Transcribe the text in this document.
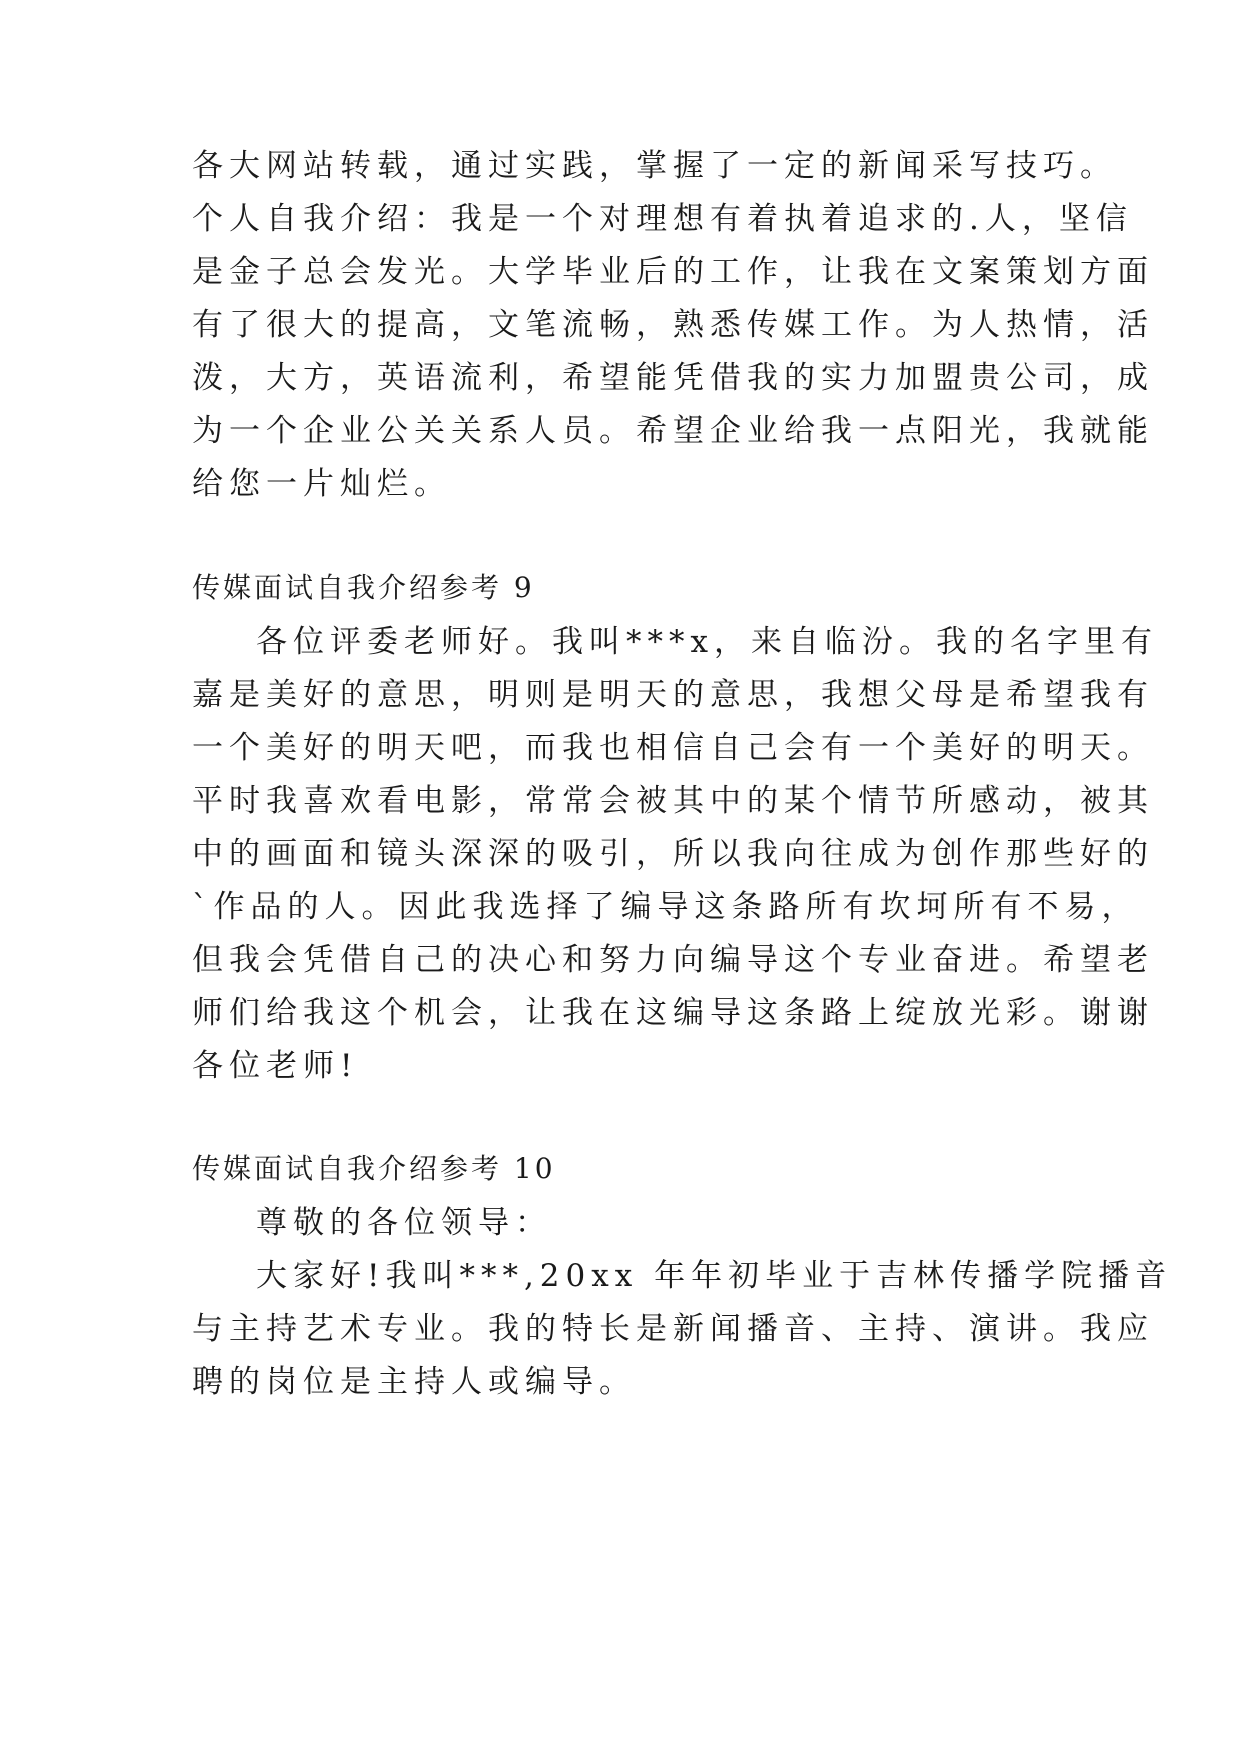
各大网站转载，通过实践，掌握了一定的新闻采写技巧。
个人自我介绍：我是一个对理想有着执着追求的.人，坚信
是金子总会发光。大学毕业后的工作，让我在文案策划方面
有了很大的提高，文笔流畅，熟悉传媒工作。为人热情，活
泼，大方，英语流利，希望能凭借我的实力加盟贵公司，成
为一个企业公关关系人员。希望企业给我一点阳光，我就能
给您一片灿烂。
传媒面试自我介绍参考 9
各位评委老师好。我叫***x，来自临汾。我的名字里有
嘉是美好的意思，明则是明天的意思，我想父母是希望我有
一个美好的明天吧，而我也相信自己会有一个美好的明天。
平时我喜欢看电影，常常会被其中的某个情节所感动，被其
中的画面和镜头深深的吸引，所以我向往成为创作那些好的
`作品的人。因此我选择了编导这条路所有坎坷所有不易，
但我会凭借自己的决心和努力向编导这个专业奋进。希望老
师们给我这个机会，让我在这编导这条路上绽放光彩。谢谢
各位老师!
传媒面试自我介绍参考 10
尊敬的各位领导：
大家好!我叫***,20xx 年年初毕业于吉林传播学院播音
与主持艺术专业。我的特长是新闻播音、主持、演讲。我应
聘的岗位是主持人或编导。
